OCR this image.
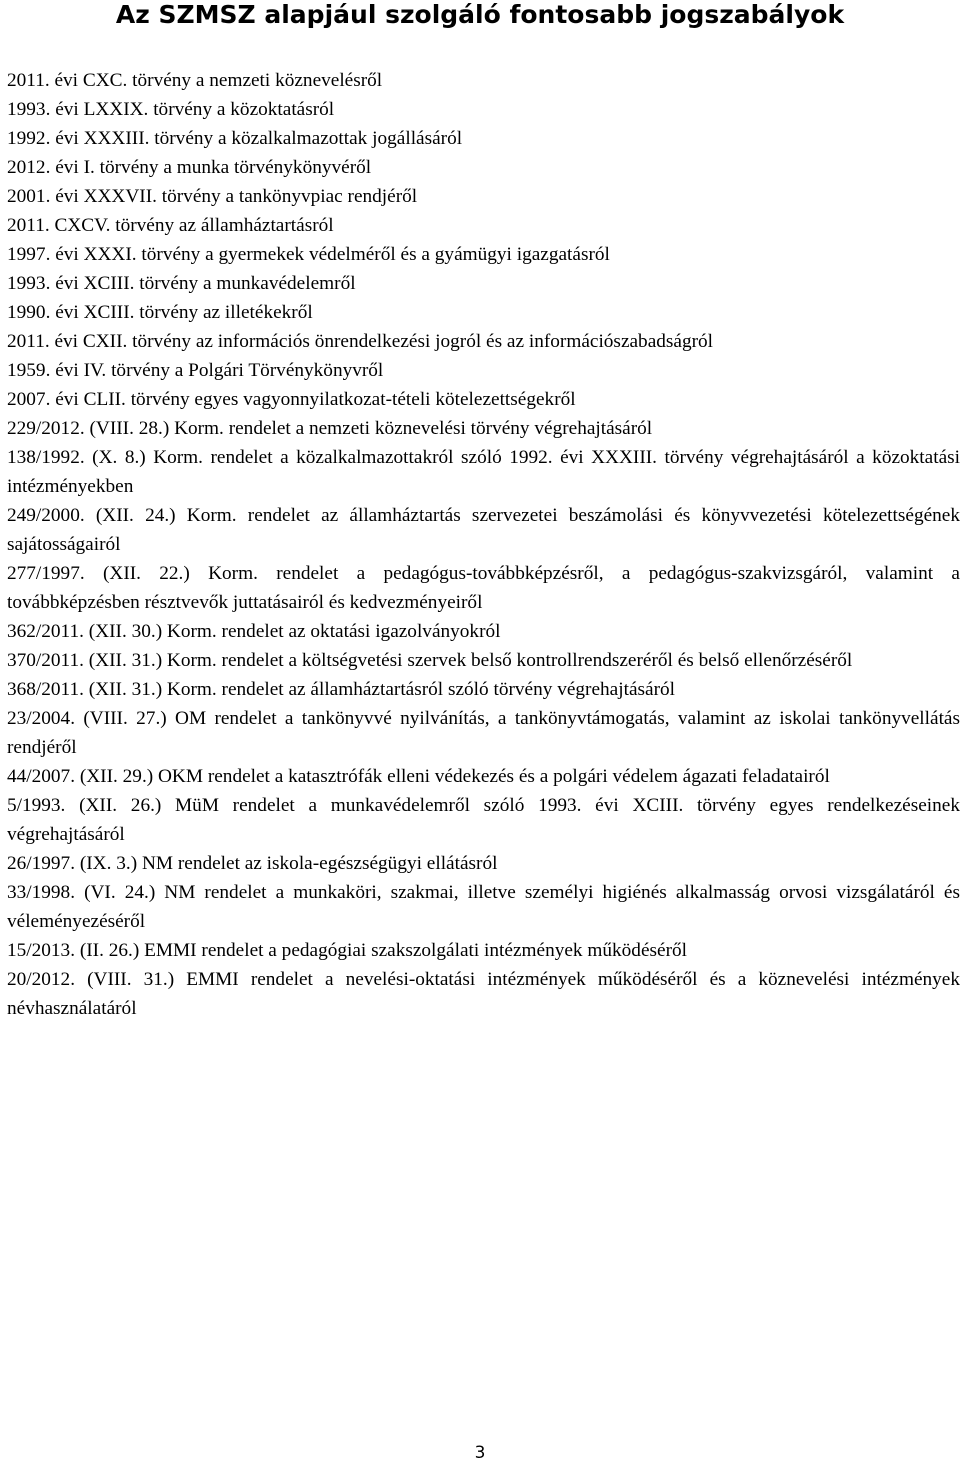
Az SZMSZ alapjául szolgáló fontosabb jogszabályok
2011. évi CXC. törvény a nemzeti köznevelésről
1993. évi LXXIX. törvény a közoktatásról
1992. évi XXXIII. törvény a közalkalmazottak jogállásáról
2012. évi I. törvény a munka törvénykönyvéről
2001. évi XXXVII. törvény a tankönyvpiac rendjéről
2011. CXCV. törvény az államháztartásról
1997. évi XXXI. törvény a gyermekek védelméről és a gyámügyi igazgatásról
1993. évi XCIII. törvény a munkavédelemről
1990. évi XCIII. törvény az illetékekről
2011. évi CXII. törvény az információs önrendelkezési jogról és az információszabadságról
1959. évi IV. törvény a Polgári Törvénykönyvről
2007. évi CLII. törvény egyes vagyonnyilatkozat-tételi kötelezettségekről
229/2012. (VIII. 28.) Korm. rendelet a nemzeti köznevelési törvény végrehajtásáról
138/1992. (X. 8.) Korm. rendelet a közalkalmazottakról szóló 1992. évi XXXIII. törvény végrehajtásáról a közoktatási intézményekben
249/2000. (XII. 24.) Korm. rendelet az államháztartás szervezetei beszámolási és könyvvezetési kötelezettségének sajátosságairól
277/1997. (XII. 22.) Korm. rendelet a pedagógus-továbbképzésről, a pedagógus-szakvizsgáról, valamint a továbbképzésben résztvevők juttatásairól és kedvezményeiről
362/2011. (XII. 30.) Korm. rendelet az oktatási igazolványokról
370/2011. (XII. 31.) Korm. rendelet a költségvetési szervek belső kontrollrendszeréről és belső ellenőrzéséről
368/2011. (XII. 31.) Korm. rendelet az államháztartásról szóló törvény végrehajtásáról
23/2004. (VIII. 27.) OM rendelet a tankönyvvé nyilvánítás, a tankönyvtámogatás, valamint az iskolai tankönyvellátás rendjéről
44/2007. (XII. 29.) OKM rendelet a katasztrófák elleni védekezés és a polgári védelem ágazati feladatairól
5/1993. (XII. 26.) MüM rendelet a munkavédelemről szóló 1993. évi XCIII. törvény egyes rendelkezéseinek végrehajtásáról
26/1997. (IX. 3.) NM rendelet az iskola-egészségügyi ellátásról
33/1998. (VI. 24.) NM rendelet a munkaköri, szakmai, illetve személyi higiénés alkalmasság orvosi vizsgálatáról és véleményezéséről
15/2013. (II. 26.) EMMI rendelet a pedagógiai szakszolgálati intézmények működéséről
20/2012. (VIII. 31.) EMMI rendelet a nevelési-oktatási intézmények működéséről és a köznevelési intézmények névhasználatáról
3
